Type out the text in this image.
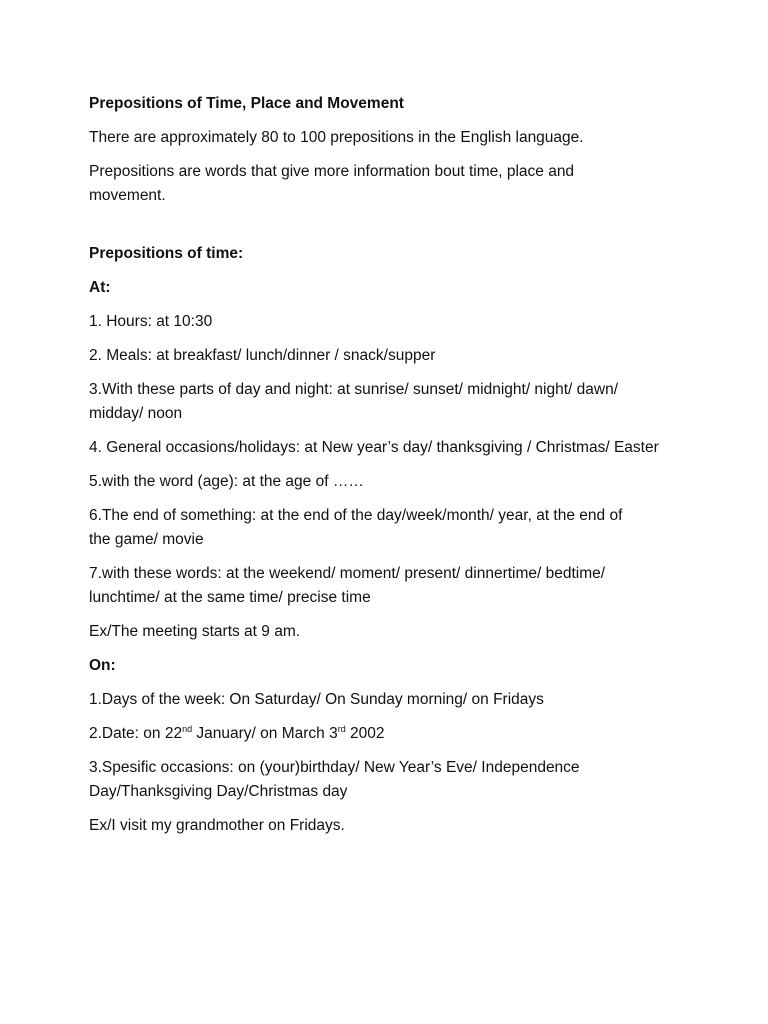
Prepositions of Time, Place and Movement

There are approximately 80 to 100 prepositions in the English language.

Prepositions are words that give more information bout time, place and

movement.

Prepositions of time:

At:

1. Hours: at 10:30

2. Meals: at breakfast/ lunch/dinner / snack/supper

3.With these parts of day and night: at sunrise/ sunset/ midnight/ night/ dawn/

midday/ noon

4. General occasions/holidays: at New year’s day/ thanksgiving / Christmas/ Easter

5.with the word (age): at the age of ……

6.The end of something: at the end of the day/week/month/ year, at the end of

the game/ movie

7.with these words: at the weekend/ moment/ present/ dinnertime/ bedtime/

lunchtime/ at the same time/ precise time

Ex/The meeting starts at 9 am.

On:

1.Days of the week: On Saturday/ On Sunday morning/ on Fridays

2.Date: on 22nd January/ on March 3rd 2002

3.Spesific occasions: on (your)birthday/ New Year’s Eve/ Independence

Day/Thanksgiving Day/Christmas day

Ex/I visit my grandmother on Fridays.
